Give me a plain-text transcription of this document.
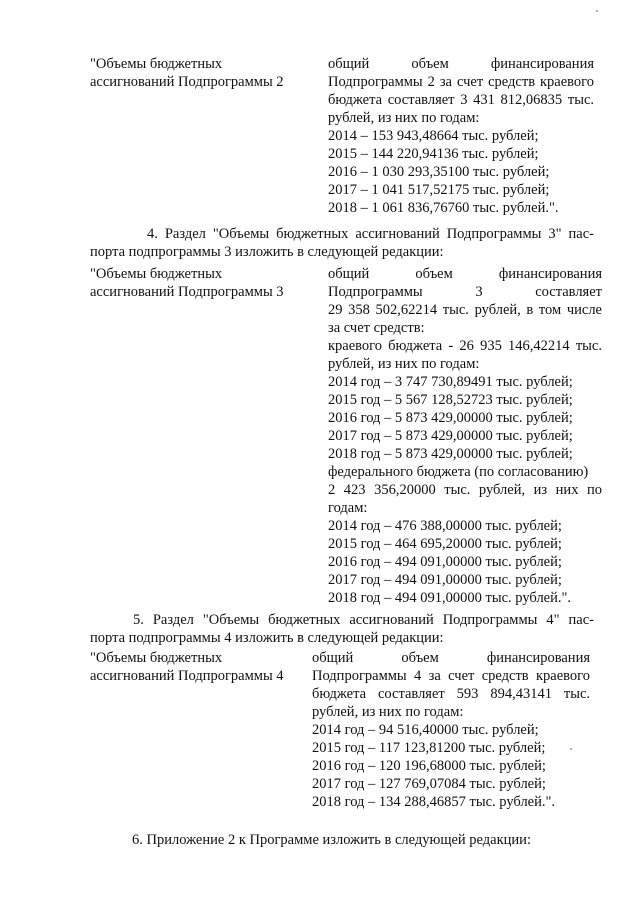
"Объемы бюджетных
ассигнований Подпрограммы 2
общий объем финансирования
Подпрограммы 2 за счет средств краевого
бюджета составляет 3 431 812,06835 тыс.
рублей, из них по годам:
2014 – 153 943,48664 тыс. рублей;
2015 – 144 220,94136 тыс. рублей;
2016 – 1 030 293,35100 тыс. рублей;
2017 – 1 041 517,52175 тыс. рублей;
2018 – 1 061 836,76760 тыс. рублей.".
4. Раздел "Объемы бюджетных ассигнований Подпрограммы 3" пас-
порта подпрограммы 3 изложить в следующей редакции:
"Объемы бюджетных
ассигнований Подпрограммы 3
общий объем финансирования
Подпрограммы 3 составляет
29 358 502,62214 тыс. рублей, в том числе
за счет средств:
краевого бюджета - 26 935 146,42214 тыс.
рублей, из них по годам:
2014 год – 3 747 730,89491 тыс. рублей;
2015 год – 5 567 128,52723 тыс. рублей;
2016 год – 5 873 429,00000 тыс. рублей;
2017 год – 5 873 429,00000 тыс. рублей;
2018 год – 5 873 429,00000 тыс. рублей;
федерального бюджета (по согласованию)
2 423 356,20000 тыс. рублей, из них по
годам:
2014 год – 476 388,00000 тыс. рублей;
2015 год – 464 695,20000 тыс. рублей;
2016 год – 494 091,00000 тыс. рублей;
2017 год – 494 091,00000 тыс. рублей;
2018 год – 494 091,00000 тыс. рублей.".
5. Раздел "Объемы бюджетных ассигнований Подпрограммы 4" пас-
порта подпрограммы 4 изложить в следующей редакции:
"Объемы бюджетных
ассигнований Подпрограммы 4
общий объем финансирования
Подпрограммы 4 за счет средств краевого
бюджета составляет 593 894,43141 тыс.
рублей, из них по годам:
2014 год – 94 516,40000 тыс. рублей;
2015 год – 117 123,81200 тыс. рублей;
2016 год – 120 196,68000 тыс. рублей;
2017 год – 127 769,07084 тыс. рублей;
2018 год – 134 288,46857 тыс. рублей.".
6. Приложение 2 к Программе изложить в следующей редакции:
